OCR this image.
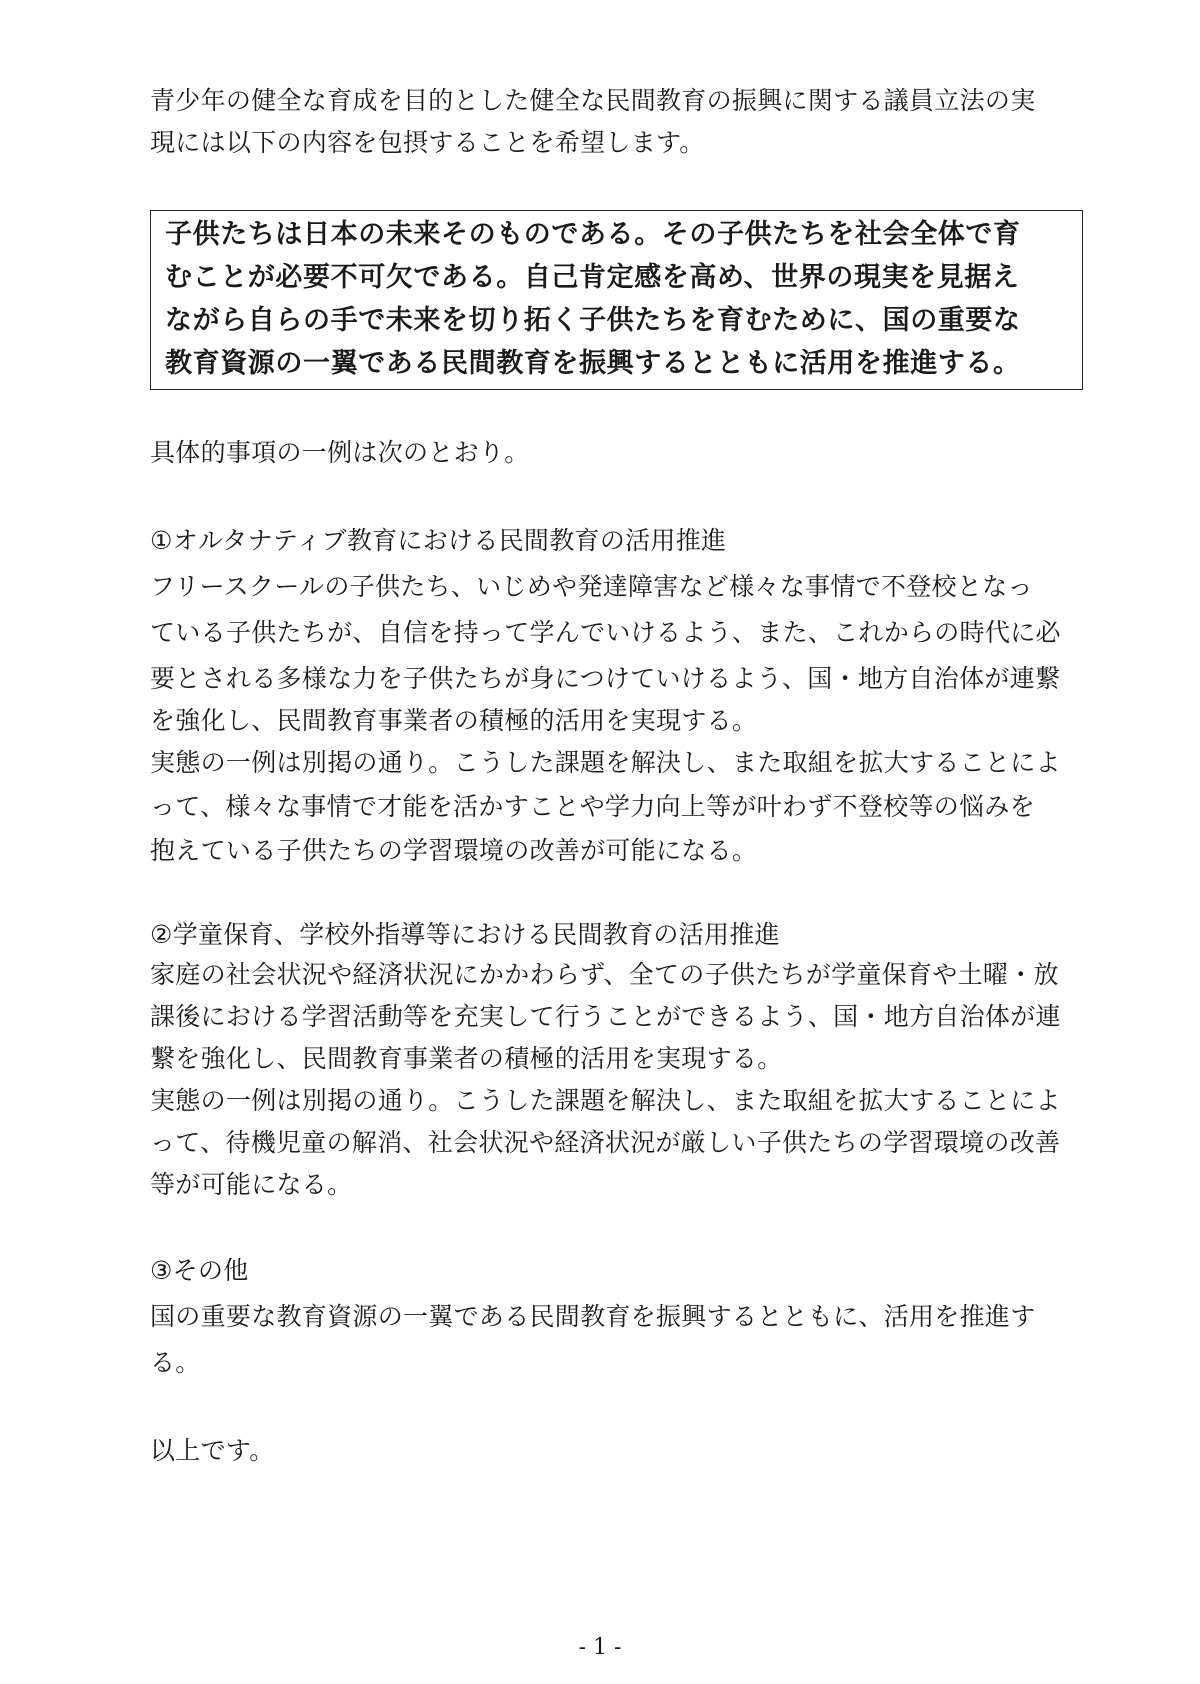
青少年の健全な育成を目的とした健全な民間教育の振興に関する議員立法の実
現には以下の内容を包摂することを希望します。
子供たちは日本の未来そのものである。その子供たちを社会全体で育
むことが必要不可欠である。自己肯定感を高め、世界の現実を見据え
ながら自らの手で未来を切り拓く子供たちを育むために、国の重要な
教育資源の一翼である民間教育を振興するとともに活用を推進する。
具体的事項の一例は次のとおり。
①オルタナティブ教育における民間教育の活用推進
フリースクールの子供たち、いじめや発達障害など様々な事情で不登校となっ
ている子供たちが、自信を持って学んでいけるよう、また、これからの時代に必
要とされる多様な力を子供たちが身につけていけるよう、国・地方自治体が連繋
を強化し、民間教育事業者の積極的活用を実現する。
実態の一例は別掲の通り。こうした課題を解決し、また取組を拡大することによ
って、様々な事情で才能を活かすことや学力向上等が叶わず不登校等の悩みを
抱えている子供たちの学習環境の改善が可能になる。
②学童保育、学校外指導等における民間教育の活用推進
家庭の社会状況や経済状況にかかわらず、全ての子供たちが学童保育や土曜・放
課後における学習活動等を充実して行うことができるよう、国・地方自治体が連
繋を強化し、民間教育事業者の積極的活用を実現する。
実態の一例は別掲の通り。こうした課題を解決し、また取組を拡大することによ
って、待機児童の解消、社会状況や経済状況が厳しい子供たちの学習環境の改善
等が可能になる。
③その他
国の重要な教育資源の一翼である民間教育を振興するとともに、活用を推進す
る。
以上です。
- 1 -
